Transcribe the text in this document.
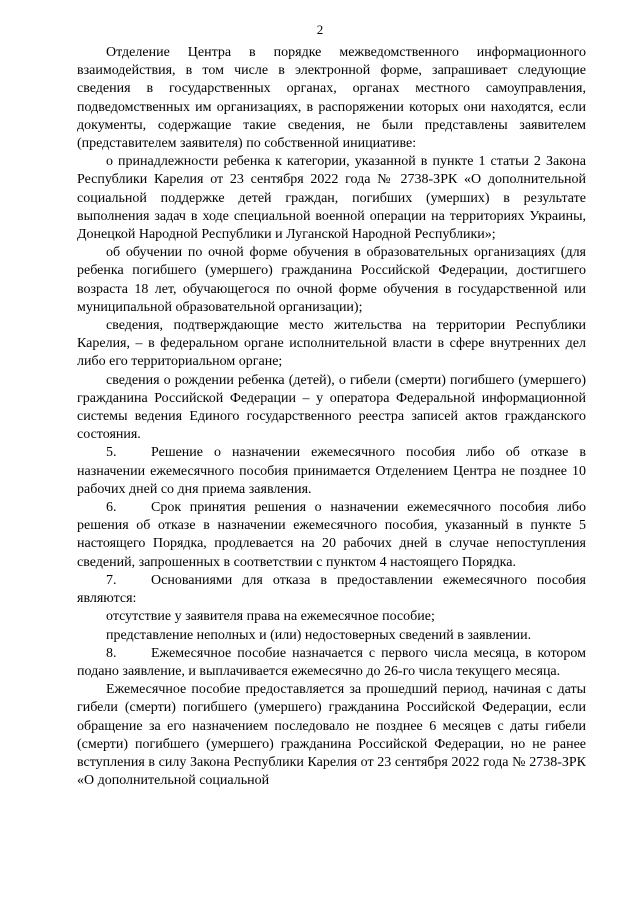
2

Отделение Центра в порядке межведомственного информационного взаимодействия, в том числе в электронной форме, запрашивает следующие сведения в государственных органах, органах местного самоуправления, подведомственных им организациях, в распоряжении которых они находятся, если документы, содержащие такие сведения, не были представлены заявителем (представителем заявителя) по собственной инициативе:

о принадлежности ребенка к категории, указанной в пункте 1 статьи 2 Закона Республики Карелия от 23 сентября 2022 года № 2738-ЗРК «О дополнительной социальной поддержке детей граждан, погибших (умерших) в результате выполнения задач в ходе специальной военной операции на территориях Украины, Донецкой Народной Республики и Луганской Народной Республики»;

об обучении по очной форме обучения в образовательных организациях (для ребенка погибшего (умершего) гражданина Российской Федерации, достигшего возраста 18 лет, обучающегося по очной форме обучения в государственной или муниципальной образовательной организации);

сведения, подтверждающие место жительства на территории Республики Карелия, – в федеральном органе исполнительной власти в сфере внутренних дел либо его территориальном органе;

сведения о рождении ребенка (детей), о гибели (смерти) погибшего (умершего) гражданина Российской Федерации – у оператора Федеральной информационной системы ведения Единого государственного реестра записей актов гражданского состояния.

5. Решение о назначении ежемесячного пособия либо об отказе в назначении ежемесячного пособия принимается Отделением Центра не позднее 10 рабочих дней со дня приема заявления.

6. Срок принятия решения о назначении ежемесячного пособия либо решения об отказе в назначении ежемесячного пособия, указанный в пункте 5 настоящего Порядка, продлевается на 20 рабочих дней в случае непоступления сведений, запрошенных в соответствии с пунктом 4 настоящего Порядка.

7. Основаниями для отказа в предоставлении ежемесячного пособия являются:

отсутствие у заявителя права на ежемесячное пособие;

представление неполных и (или) недостоверных сведений в заявлении.

8. Ежемесячное пособие назначается с первого числа месяца, в котором подано заявление, и выплачивается ежемесячно до 26-го числа текущего месяца.

Ежемесячное пособие предоставляется за прошедший период, начиная с даты гибели (смерти) погибшего (умершего) гражданина Российской Федерации, если обращение за его назначением последовало не позднее 6 месяцев с даты гибели (смерти) погибшего (умершего) гражданина Российской Федерации, но не ранее вступления в силу Закона Республики Карелия от 23 сентября 2022 года № 2738-ЗРК «О дополнительной социальной
